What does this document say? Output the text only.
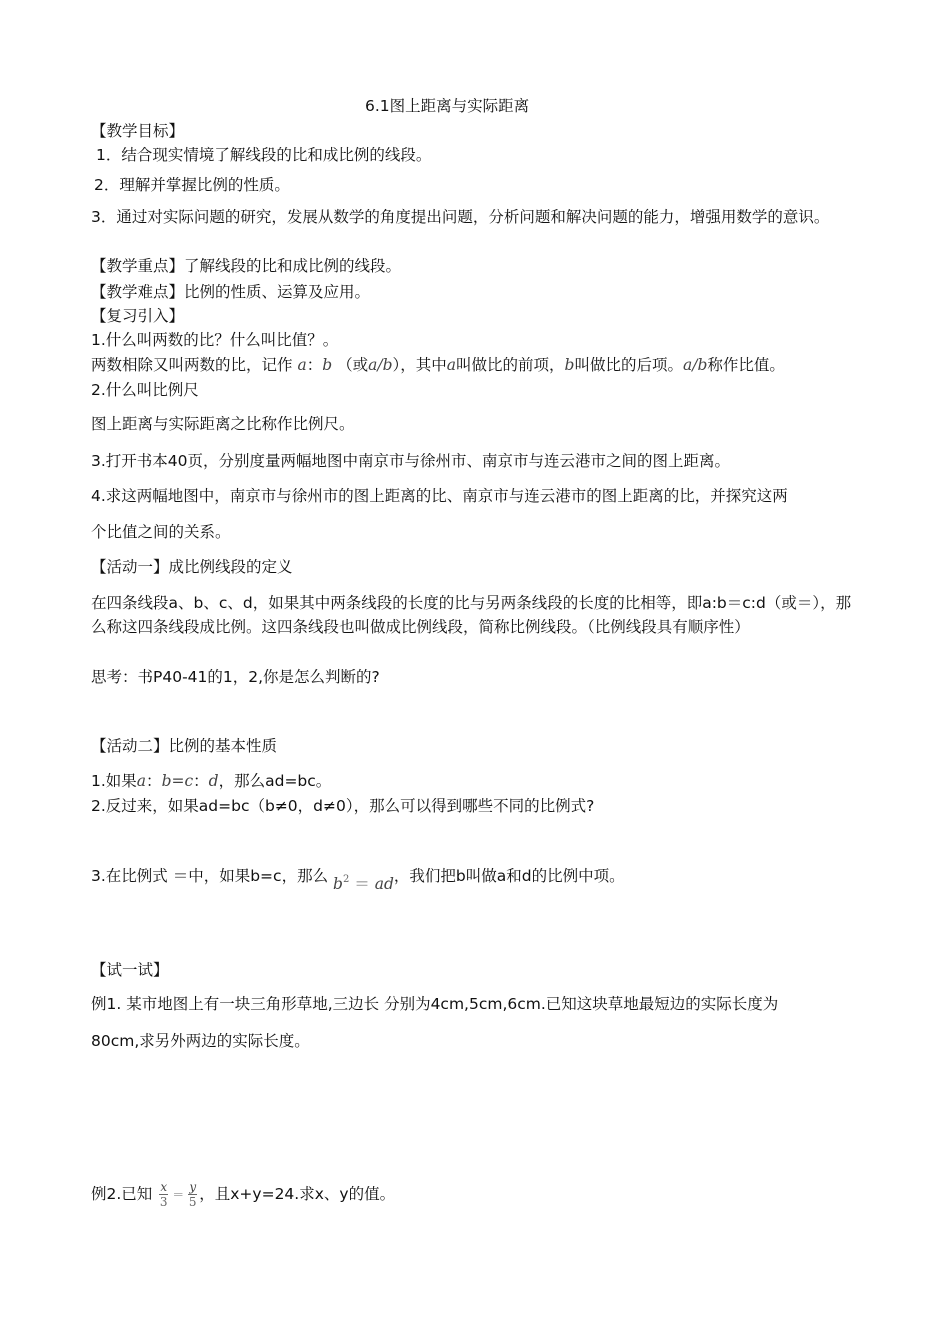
6.1图上距离与实际距离
【教学目标】
1．结合现实情境了解线段的比和成比例的线段。
2．理解并掌握比例的性质。
3．通过对实际问题的研究，发展从数学的角度提出问题，分析问题和解决问题的能力，增强用数学的意识。
【教学重点】了解线段的比和成比例的线段。
【教学难点】比例的性质、运算及应用。
【复习引入】
1.什么叫两数的比？什么叫比值？。
两数相除又叫两数的比，记作 a：b （或a/b），其中a叫做比的前项，b叫做比的后项。a/b称作比值。
2.什么叫比例尺
图上距离与实际距离之比称作比例尺。
3.打开书本40页，分别度量两幅地图中南京市与徐州市、南京市与连云港市之间的图上距离。
4.求这两幅地图中，南京市与徐州市的图上距离的比、南京市与连云港市的图上距离的比，并探究这两
个比值之间的关系。
【活动一】成比例线段的定义
在四条线段a、b、c、d，如果其中两条线段的长度的比与另两条线段的长度的比相等，即a:b＝c:d（或＝），那么称这四条线段成比例。这四条线段也叫做成比例线段，简称比例线段。（比例线段具有顺序性）
思考：书P40-41的1，2,你是怎么判断的?
【活动二】比例的基本性质
1.如果a：b=c：d，那么ad=bc。
2.反过来，如果ad=bc（b≠0，d≠0），那么可以得到哪些不同的比例式?
3.在比例式 ＝中，如果b=c，那么 $b^2$ ＝ ad，我们把b叫做a和d的比例中项。
【试一试】
例1. 某市地图上有一块三角形草地,三边长 分别为4cm,5cm,6cm.已知这块草地最短边的实际长度为
80cm,求另外两边的实际长度。
例2.已知 $\frac{x}{3} = \frac{y}{5}$ ，且x+y=24.求x、y的值。
